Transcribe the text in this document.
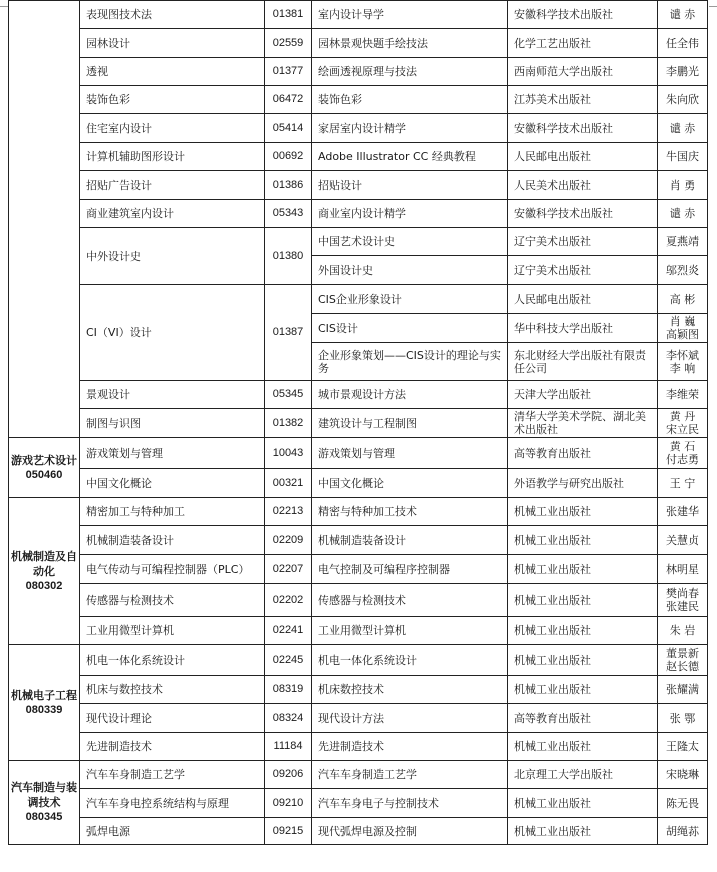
	表现图技术法	01381	室内设计导学	安徽科学技术出版社	谴 赤

	园林设计	02559	园林景观快题手绘技法	化学工艺出版社	任全伟

	透视	01377	绘画透视原理与技法	西南师范大学出版社	李鹏光

	装饰色彩	06472	装饰色彩	江苏美术出版社	朱向欣

	住宅室内设计	05414	家居室内设计精学	安徽科学技术出版社	谴 赤

	计算机辅助图形设计	00692	Adobe Illustrator CC 经典教程	人民邮电出版社	牛国庆

	招贴广告设计	01386	招贴设计	人民美术出版社	肖 勇

	商业建筑室内设计	05343	商业室内设计精学	安徽科学技术出版社	谴 赤

	中外设计史	01380	中国艺术设计史	辽宁美术出版社	夏燕靖

			外国设计史	辽宁美术出版社	邬烈炎

	CI（VI）设计	01387	CIS企业形象设计	人民邮电出版社	高 彬

			CIS设计	华中科技大学出版社	肖 巍
高颖图

			企业形象策划——CIS设计的理论与实务	东北财经大学出版社有限责任公司	李怀斌
李 响

	景观设计	05345	城市景观设计方法	天津大学出版社	李维荣

	制图与识图	01382	建筑设计与工程制图	清华大学美术学院、湖北美术出版社	黄 丹
宋立民

游戏艺术设计
050460	游戏策划与管理	10043	游戏策划与管理	高等教育出版社	黄 石
付志勇

	中国文化概论	00321	中国文化概论	外语教学与研究出版社	王 宁

机械制造及自动化
080302	精密加工与特种加工	02213	精密与特种加工技术	机械工业出版社	张建华

	机械制造装备设计	02209	机械制造装备设计	机械工业出版社	关慧贞

	电气传动与可编程控制器（PLC）	02207	电气控制及可编程序控制器	机械工业出版社	林明星

	传感器与检测技术	02202	传感器与检测技术	机械工业出版社	樊尚春
张建民

	工业用微型计算机	02241	工业用微型计算机	机械工业出版社	朱 岩

机械电子工程
080339	机电一体化系统设计	02245	机电一体化系统设计	机械工业出版社	董景新
赵长德

	机床与数控技术	08319	机床数控技术	机械工业出版社	张耀满

	现代设计理论	08324	现代设计方法	高等教育出版社	张 鄂

	先进制造技术	11184	先进制造技术	机械工业出版社	王隆太

汽车制造与装调技术
080345	汽车车身制造工艺学	09206	汽车车身制造工艺学	北京理工大学出版社	宋晓琳

	汽车车身电控系统结构与原理	09210	汽车车身电子与控制技术	机械工业出版社	陈无畏

	弧焊电源	09215	现代弧焊电源及控制	机械工业出版社	胡绳荪
